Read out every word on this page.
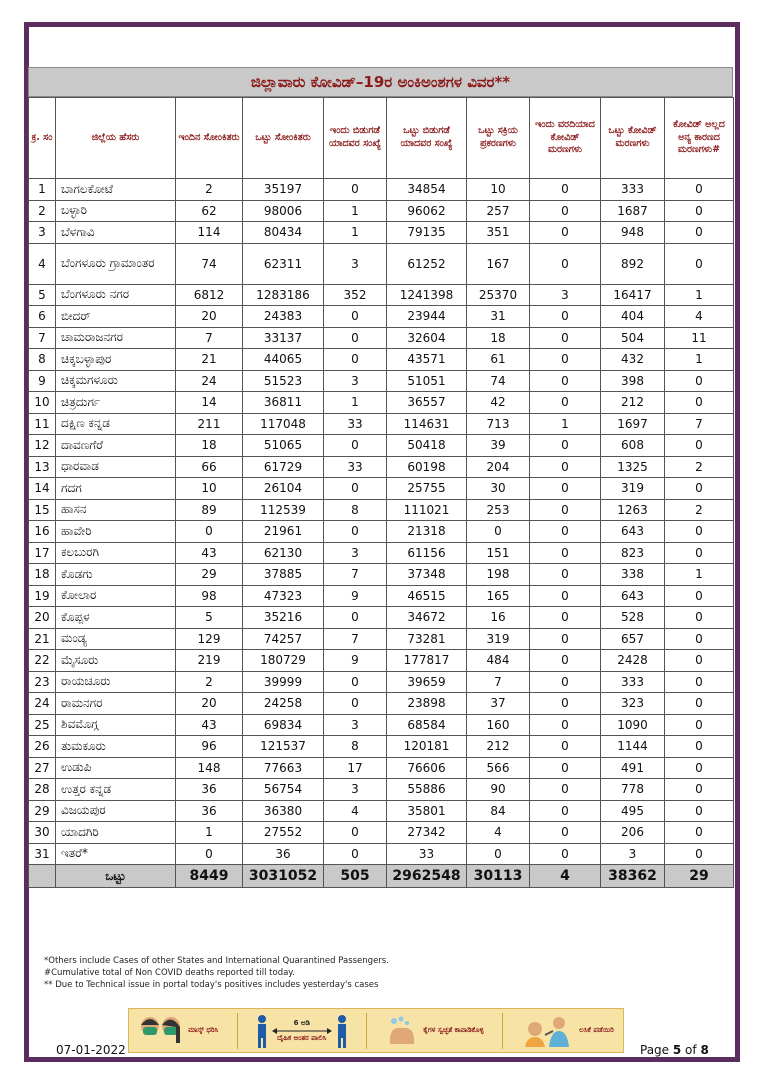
ಜಿಲ್ಲಾವಾರು ಕೋವಿಡ್–19ರ ಅಂಕಿಅಂಶಗಳ ವಿವರ**
ಕ್ರ. ಸಂ	ಜಿಲ್ಲೆಯ ಹೆಸರು	ಇಂದಿನ ಸೋಂಕಿತರು	ಒಟ್ಟು ಸೋಂಕಿತರು	ಇಂದು ಬಿಡುಗಡೆ ಯಾದವರ ಸಂಖ್ಯೆ	ಒಟ್ಟು ಬಿಡುಗಡೆ ಯಾದವರ ಸಂಖ್ಯೆ	ಒಟ್ಟು ಸಕ್ರಿಯ ಪ್ರಕರಣಗಳು	ಇಂದು ವರದಿಯಾದ ಕೋವಿಡ್ ಮರಣಗಳು	ಒಟ್ಟು ಕೋವಿಡ್ ಮರಣಗಳು	ಕೋವಿಡ್ ಅಲ್ಲದ ಅನ್ಯ ಕಾರಣದ ಮರಣಗಳು#
1	ಬಾಗಲಕೋಟೆ	2	35197	0	34854	10	0	333	0
2	ಬಳ್ಳಾರಿ	62	98006	1	96062	257	0	1687	0
3	ಬೆಳಗಾವಿ	114	80434	1	79135	351	0	948	0
4	ಬೆಂಗಳೂರು ಗ್ರಾಮಾಂತರ	74	62311	3	61252	167	0	892	0
5	ಬೆಂಗಳೂರು ನಗರ	6812	1283186	352	1241398	25370	3	16417	1
6	ಬೀದರ್	20	24383	0	23944	31	0	404	4
7	ಚಾಮರಾಜನಗರ	7	33137	0	32604	18	0	504	11
8	ಚಿಕ್ಕಬಳ್ಳಾಪುರ	21	44065	0	43571	61	0	432	1
9	ಚಿಕ್ಕಮಗಳೂರು	24	51523	3	51051	74	0	398	0
10	ಚಿತ್ರದುರ್ಗ	14	36811	1	36557	42	0	212	0
11	ದಕ್ಷಿಣ ಕನ್ನಡ	211	117048	33	114631	713	1	1697	7
12	ದಾವಣಗೆರೆ	18	51065	0	50418	39	0	608	0
13	ಧಾರವಾಡ	66	61729	33	60198	204	0	1325	2
14	ಗದಗ	10	26104	0	25755	30	0	319	0
15	ಹಾಸನ	89	112539	8	111021	253	0	1263	2
16	ಹಾವೇರಿ	0	21961	0	21318	0	0	643	0
17	ಕಲಬುರಗಿ	43	62130	3	61156	151	0	823	0
18	ಕೊಡಗು	29	37885	7	37348	198	0	338	1
19	ಕೋಲಾರ	98	47323	9	46515	165	0	643	0
20	ಕೊಪ್ಪಳ	5	35216	0	34672	16	0	528	0
21	ಮಂಡ್ಯ	129	74257	7	73281	319	0	657	0
22	ಮೈಸೂರು	219	180729	9	177817	484	0	2428	0
23	ರಾಯಚೂರು	2	39999	0	39659	7	0	333	0
24	ರಾಮನಗರ	20	24258	0	23898	37	0	323	0
25	ಶಿವಮೊಗ್ಗ	43	69834	3	68584	160	0	1090	0
26	ತುಮಕೂರು	96	121537	8	120181	212	0	1144	0
27	ಉಡುಪಿ	148	77663	17	76606	566	0	491	0
28	ಉತ್ತರ ಕನ್ನಡ	36	56754	3	55886	90	0	778	0
29	ವಿಜಯಪುರ	36	36380	4	35801	84	0	495	0
30	ಯಾದಗಿರಿ	1	27552	0	27342	4	0	206	0
31	ಇತರೆ*	0	36	0	33	0	0	3	0
	ಒಟ್ಟು	8449	3031052	505	2962548	30113	4	38362	29
*Others include Cases of other States and International Quarantined Passengers.
#Cumulative total of Non COVID deaths reported till today.
** Due to Technical issue in portal today's positives includes yesterday's cases
ಮಾಸ್ಕ್ ಧರಿಸಿ
6 ಅಡಿ
ದೈಹಿಕ ಅಂತರ ಪಾಲಿಸಿ
ಕೈಗಳ ಸ್ವಚ್ಛತೆ ಕಾಪಾಡಿಕೊಳ್ಳಿ	ಲಸಿಕೆ ಪಡೆಯಿರಿ
07-01-2022	Page 5 of 8
